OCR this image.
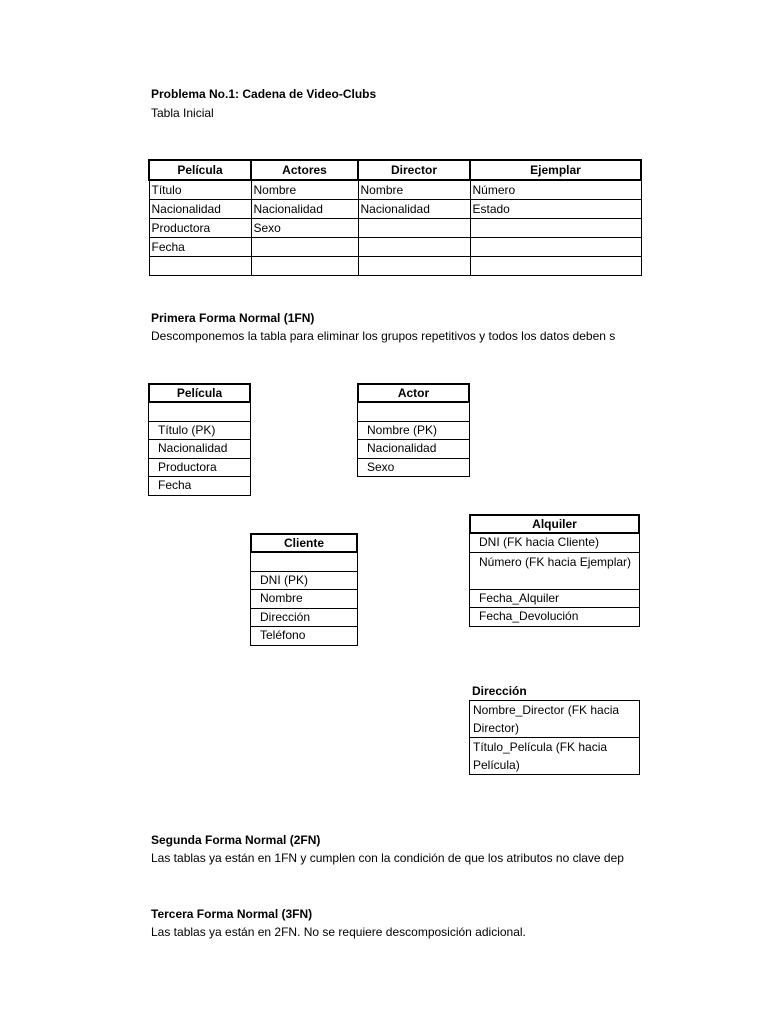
Problema No.1: Cadena de Video-Clubs
Tabla Inicial
Película	Actores	Director	Ejemplar
Título	Nombre	Nombre	Número
Nacionalidad	Nacionalidad	Nacionalidad	Estado
Productora	Sexo		
Fecha			

Primera Forma Normal (1FN)
Descomponemos la tabla para eliminar los grupos repetitivos y todos los datos deben s
Película
Título (PK)
Nacionalidad
Productora
Fecha
Actor
Nombre (PK)
Nacionalidad
Sexo
Alquiler
DNI (FK hacia Cliente)
Número (FK hacia Ejemplar)
Fecha_Alquiler
Fecha_Devolución
Cliente
DNI (PK)
Nombre
Dirección
Teléfono
Dirección
Nombre_Director (FK hacia Director)
Título_Película (FK hacia Película)
Segunda Forma Normal (2FN)
Las tablas ya están en 1FN y cumplen con la condición de que los atributos no clave dep
Tercera Forma Normal (3FN)
Las tablas ya están en 2FN. No se requiere descomposición adicional.
